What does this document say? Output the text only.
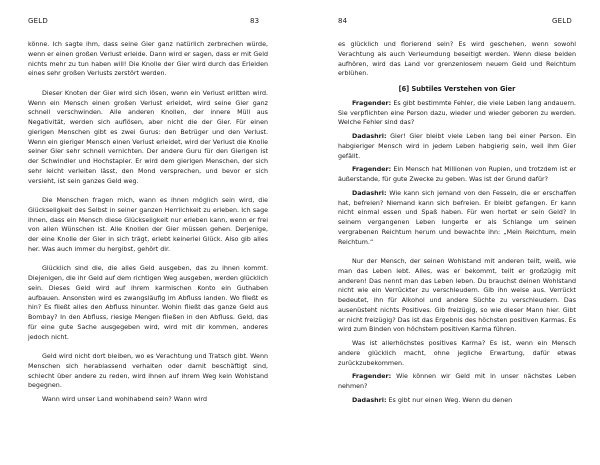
GELD	83

könne. Ich sagte ihm, dass seine Gier ganz natürlich zerbrechen würde, wenn er einen großen Verlust erleide. Dann wird er sagen, dass er mit Geld nichts mehr zu tun haben will! Die Knolle der Gier wird durch das Erleiden eines sehr großen Verlusts zerstört werden.

Dieser Knoten der Gier wird sich lösen, wenn ein Verlust erlitten wird. Wenn ein Mensch einen großen Verlust erleidet, wird seine Gier ganz schnell verschwinden. Alle anderen Knollen, der innere Müll aus Negativität, werden sich auflösen, aber nicht die der Gier. Für einen gierigen Menschen gibt es zwei Gurus: den Betrüger und den Verlust. Wenn ein gieriger Mensch einen Verlust erleidet, wird der Verlust die Knolle seiner Gier sehr schnell vernichten. Der andere Guru für den Gierigen ist der Schwindler und Hochstapler. Er wird dem gierigen Menschen, der sich sehr leicht verleiten lässt, den Mond versprechen, und bevor er sich versieht, ist sein ganzes Geld weg.

Die Menschen fragen mich, wann es ihnen möglich sein wird, die Glückseligkeit des Selbst in seiner ganzen Herrlichkeit zu erleben. Ich sage ihnen, dass ein Mensch diese Glückseligkeit nur erleben kann, wenn er frei von allen Wünschen ist. Alle Knollen der Gier müssen gehen. Derjenige, der eine Knolle der Gier in sich trägt, erlebt keinerlei Glück. Also gib alles her. Was auch immer du hergibst, gehört dir.

Glücklich sind die, die alles Geld ausgeben, das zu ihnen kommt. Diejenigen, die ihr Geld auf dem richtigen Weg ausgeben, werden glücklich sein. Dieses Geld wird auf ihrem karmischen Konto ein Guthaben aufbauen. Ansonsten wird es zwangsläufig im Abfluss landen. Wo fließt es hin? Es fließt alles den Abfluss hinunter. Wohin fließt das ganze Geld aus Bombay? In den Abfluss, riesige Mengen fließen in den Abfluss. Geld, das für eine gute Sache ausgegeben wird, wird mit dir kommen, anderes jedoch nicht.

Geld wird nicht dort bleiben, wo es Verachtung und Tratsch gibt. Wenn Menschen sich herablassend verhalten oder damit beschäftigt sind, schlecht über andere zu reden, wird ihnen auf ihrem Weg kein Wohlstand begegnen.

Wann wird unser Land wohlhabend sein? Wann wird

84	GELD

es glücklich und florierend sein? Es wird geschehen, wenn sowohl Verachtung als auch Verleumdung beseitigt werden. Wenn diese beiden aufhören, wird das Land vor grenzenlosem neuem Geld und Reichtum erblühen.

[6] Subtiles Verstehen von Gier

Fragender: Es gibt bestimmte Fehler, die viele Leben lang andauern. Sie verpflichten eine Person dazu, wieder und wieder geboren zu werden. Welche Fehler sind das?

Dadashri: Gier! Gier bleibt viele Leben lang bei einer Person. Ein habgieriger Mensch wird in jedem Leben habgierig sein, weil ihm Gier gefällt.

Fragender: Ein Mensch hat Millionen von Rupien, und trotzdem ist er äußerstande, für gute Zwecke zu geben. Was ist der Grund dafür?

Dadashri: Wie kann sich jemand von den Fesseln, die er erschaffen hat, befreien? Niemand kann sich befreien. Er bleibt gefangen. Er kann nicht einmal essen und Spaß haben. Für wen hortet er sein Geld? In seinem vergangenen Leben lungerte er als Schlange um seinen vergrabenen Reichtum herum und bewachte ihn: „Mein Reichtum, mein Reichtum.“

Nur der Mensch, der seinen Wohlstand mit anderen teilt, weiß, wie man das Leben lebt. Alles, was er bekommt, teilt er großzügig mit anderen! Das nennt man das Leben leben. Du brauchst deinen Wohlstand nicht wie ein Verrückter zu verschleudern. Gib ihn weise aus. Verrückt bedeutet, ihn für Alkohol und andere Süchte zu verschleudern. Das ausenüsteht nichts Positives. Gib freizügig, so wie dieser Mann hier. Gibt er nicht freizügig? Das ist das Ergebnis des höchsten positiven Karmas. Es wird zum Binden von höchstem positiven Karma führen.

Was ist allerhöchstes positives Karma? Es ist, wenn ein Mensch andere glücklich macht, ohne jegliche Erwartung, dafür etwas zurückzubekommen.

Fragender: Wie können wir Geld mit in unser nächstes Leben nehmen?

Dadashri: Es gibt nur einen Weg. Wenn du denen
